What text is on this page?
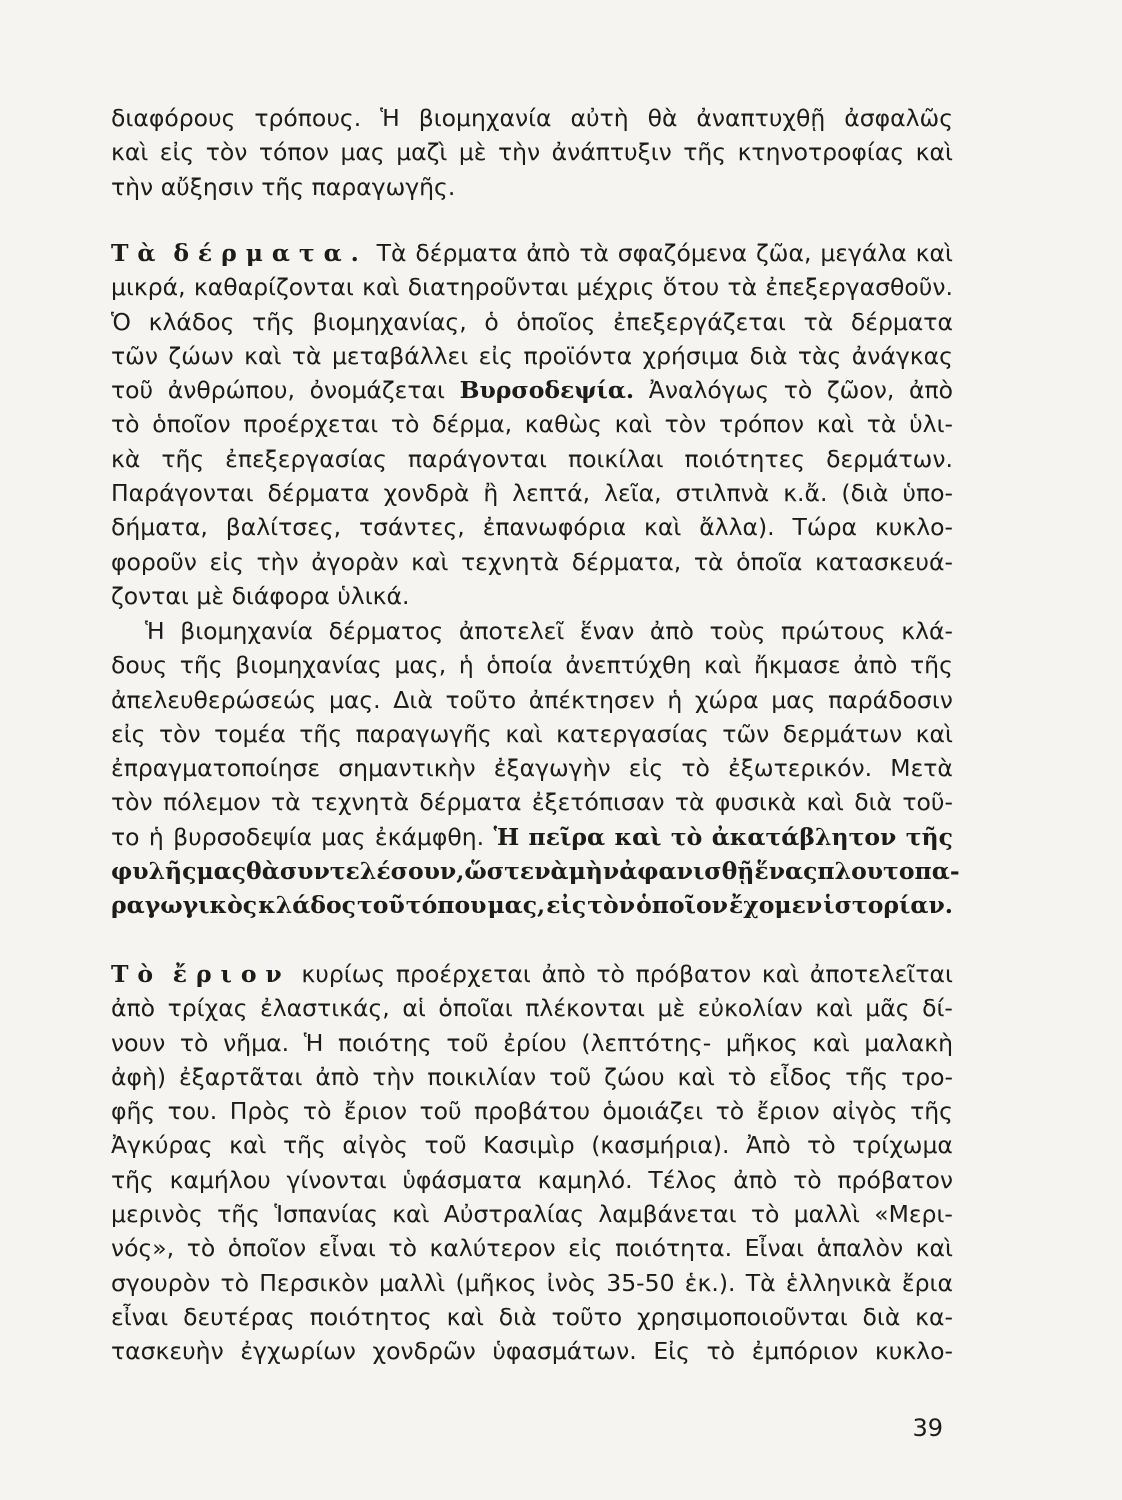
διαφόρους τρόπους. Ἡ βιομηχανία αὐτὴ θὰ ἀναπτυχθῇ ἀσφαλῶς
καὶ εἰς τὸν τόπον μας μαζὶ μὲ τὴν ἀνάπτυξιν τῆς κτηνοτροφίας καὶ
τὴν αὔξησιν τῆς παραγωγῆς.
Τὰ δέρματα. Τὰ δέρματα ἀπὸ τὰ σφαζόμενα ζῶα, μεγάλα καὶ
μικρά, καθαρίζονται καὶ διατηροῦνται μέχρις ὅτου τὰ ἐπεξεργασθοῦν.
Ὁ κλάδος τῆς βιομηχανίας, ὁ ὁποῖος ἐπεξεργάζεται τὰ δέρματα
τῶν ζώων καὶ τὰ μεταβάλλει εἰς προϊόντα χρήσιμα διὰ τὰς ἀνάγκας
τοῦ ἀνθρώπου, ὀνομάζεται Βυρσοδεψία. Ἀναλόγως τὸ ζῶον, ἀπὸ
τὸ ὁποῖον προέρχεται τὸ δέρμα, καθὼς καὶ τὸν τρόπον καὶ τὰ ὑλι-
κὰ τῆς ἐπεξεργασίας παράγονται ποικίλαι ποιότητες δερμάτων.
Παράγονται δέρματα χονδρὰ ἢ λεπτά, λεῖα, στιλπνὰ κ.ἄ. (διὰ ὑπο-
δήματα, βαλίτσες, τσάντες, ἐπανωφόρια καὶ ἄλλα). Τώρα κυκλο-
φοροῦν εἰς τὴν ἀγορὰν καὶ τεχνητὰ δέρματα, τὰ ὁποῖα κατασκευά-
ζονται μὲ διάφορα ὑλικά.
Ἡ βιομηχανία δέρματος ἀποτελεῖ ἕναν ἀπὸ τοὺς πρώτους κλά-
δους τῆς βιομηχανίας μας, ἡ ὁποία ἀνεπτύχθη καὶ ἤκμασε ἀπὸ τῆς
ἀπελευθερώσεώς μας. Διὰ τοῦτο ἀπέκτησεν ἡ χώρα μας παράδοσιν
εἰς τὸν τομέα τῆς παραγωγῆς καὶ κατεργασίας τῶν δερμάτων καὶ
ἐπραγματοποίησε σημαντικὴν ἐξαγωγὴν εἰς τὸ ἐξωτερικόν. Μετὰ
τὸν πόλεμον τὰ τεχνητὰ δέρματα ἐξετόπισαν τὰ φυσικὰ καὶ διὰ τοῦ-
το ἡ βυρσοδεψία μας ἐκάμφθη. Ἡ πεῖρα καὶ τὸ ἀκατάβλητον τῆς
φυλῆς μας θὰ συντελέσουν, ὥστε νὰ μὴν ἀφανισθῇ ἕνας πλουτοπα-
ραγωγικὸς κλάδος τοῦ τόπου μας, εἰς τὸν ὁποῖον ἔχομεν ἱστορίαν.
Τὸ ἔριον κυρίως προέρχεται ἀπὸ τὸ πρόβατον καὶ ἀποτελεῖται
ἀπὸ τρίχας ἐλαστικάς, αἱ ὁποῖαι πλέκονται μὲ εὐκολίαν καὶ μᾶς δί-
νουν τὸ νῆμα. Ἡ ποιότης τοῦ ἐρίου (λεπτότης- μῆκος καὶ μαλακὴ
ἀφὴ) ἐξαρτᾶται ἀπὸ τὴν ποικιλίαν τοῦ ζώου καὶ τὸ εἶδος τῆς τρο-
φῆς του. Πρὸς τὸ ἔριον τοῦ προβάτου ὁμοιάζει τὸ ἔριον αἰγὸς τῆς
Ἀγκύρας καὶ τῆς αἰγὸς τοῦ Κασιμὶρ (κασμήρια). Ἀπὸ τὸ τρίχωμα
τῆς καμήλου γίνονται ὑφάσματα καμηλό. Τέλος ἀπὸ τὸ πρόβατον
μερινὸς τῆς Ἱσπανίας καὶ Αὐστραλίας λαμβάνεται τὸ μαλλὶ «Μερι-
νός», τὸ ὁποῖον εἶναι τὸ καλύτερον εἰς ποιότητα. Εἶναι ἁπαλὸν καὶ
σγουρὸν τὸ Περσικὸν μαλλὶ (μῆκος ἰνὸς 35-50 ἑκ.). Τὰ ἑλληνικὰ ἔρια
εἶναι δευτέρας ποιότητος καὶ διὰ τοῦτο χρησιμοποιοῦνται διὰ κα-
τασκευὴν ἐγχωρίων χονδρῶν ὑφασμάτων. Εἰς τὸ ἐμπόριον κυκλο-
39
